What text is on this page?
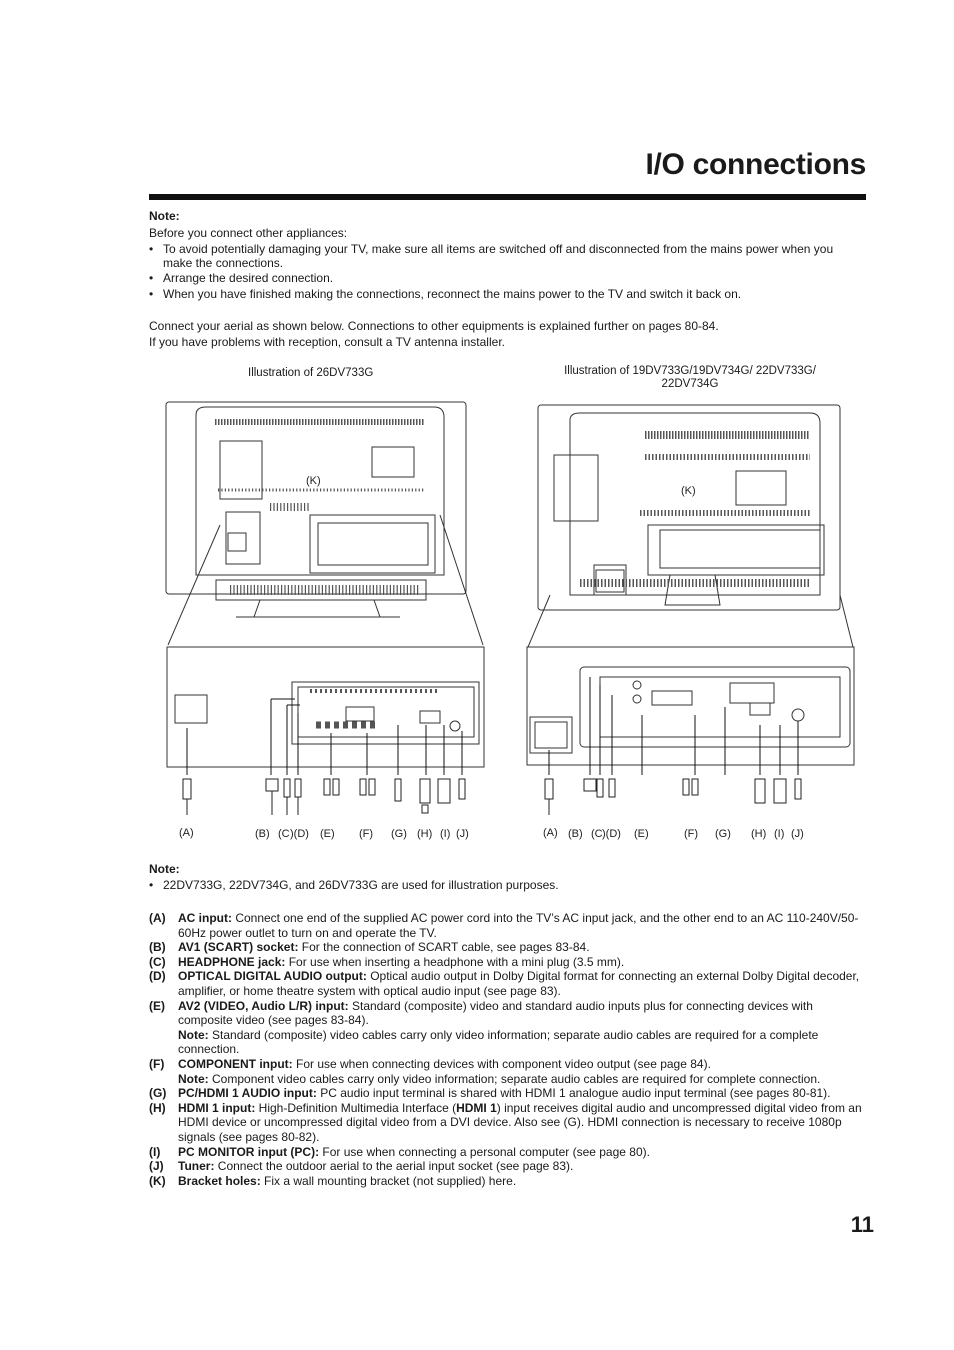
I/O connections
Note:
Before you connect other appliances:
• To avoid potentially damaging your TV, make sure all items are switched off and disconnected from the mains power when you make the connections.
• Arrange the desired connection.
• When you have finished making the connections, reconnect the mains power to the TV and switch it back on.
Connect your aerial as shown below. Connections to other equipments is explained further on pages 80-84.
If you have problems with reception, consult a TV antenna installer.
Illustration of 26DV733G	Illustration of 19DV733G/19DV734G/ 22DV733G/
22DV734G
(K)
(K)
(A)	(B) (C )(D) (E) (F) (G) (H) (I) (J)	(A) (B) (C )(D) (E)	(F) (G) (H) (I) (J)
Note:
• 22DV733G, 22DV734G, and 26DV733G are used for illustration purposes.
(A) AC input: Connect one end of the supplied AC power cord into the TV’s AC input jack, and the other end to an AC 110-240V/50-60Hz power outlet to turn on and operate the TV.
(B) AV1 (SCART) socket: For the connection of SCART cable, see pages 83-84.
(C) HEADPHONE jack: For use when inserting a headphone with a mini plug (3.5 mm).
(D) OPTICAL DIGITAL AUDIO output: Optical audio output in Dolby Digital format for connecting an external Dolby Digital decoder, amplifier, or home theatre system with optical audio input (see page 83).
(E) AV2 (VIDEO, Audio L/R) input: Standard (composite) video and standard audio inputs plus for connecting devices with composite video (see pages 83-84).
Note: Standard (composite) video cables carry only video information; separate audio cables are required for a complete connection.
(F) COMPONENT input: For use when connecting devices with component video output (see page 84).
Note: Component video cables carry only video information; separate audio cables are required for complete connection.
(G) PC/HDMI 1 AUDIO input: PC audio input terminal is shared with HDMI 1 analogue audio input terminal (see pages 80-81).
(H) HDMI 1 input: High-Definition Multimedia Interface (HDMI 1) input receives digital audio and uncompressed digital video from an HDMI device or uncompressed digital video from a DVI device. Also see (G). HDMI connection is necessary to receive 1080p signals (see pages 80-82).
(I) PC MONITOR input (PC): For use when connecting a personal computer (see page 80).
(J) Tuner: Connect the outdoor aerial to the aerial input socket (see page 83).
(K) Bracket holes: Fix a wall mounting bracket (not supplied) here.
11
